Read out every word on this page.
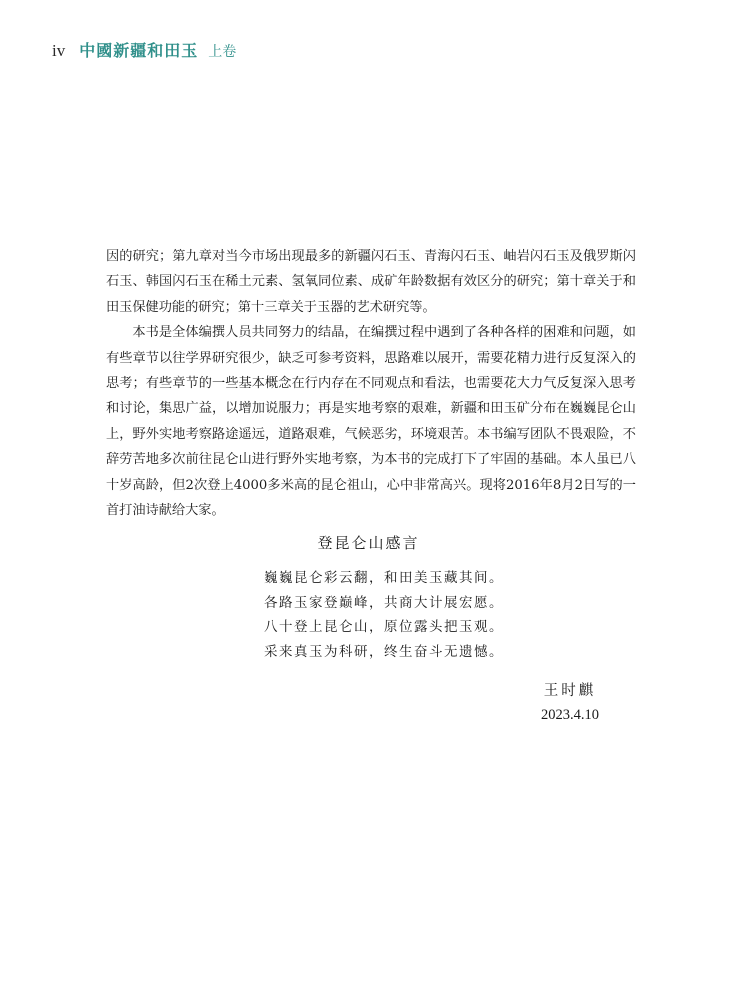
iv 中國新疆和田玉 上卷

因的研究；第九章对当今市场出现最多的新疆闪石玉、青海闪石玉、岫岩闪石玉及俄罗斯闪石玉、韩国闪石玉在稀土元素、氢氧同位素、成矿年龄数据有效区分的研究；第十章关于和田玉保健功能的研究；第十三章关于玉器的艺术研究等。

本书是全体编撰人员共同努力的结晶，在编撰过程中遇到了各种各样的困难和问题，如有些章节以往学界研究很少，缺乏可参考资料，思路难以展开，需要花精力进行反复深入的思考；有些章节的一些基本概念在行内存在不同观点和看法，也需要花大力气反复深入思考和讨论，集思广益，以增加说服力；再是实地考察的艰难，新疆和田玉矿分布在巍巍昆仑山上，野外实地考察路途遥远，道路艰难，气候恶劣，环境艰苦。本书编写团队不畏艰险，不辞劳苦地多次前往昆仑山进行野外实地考察，为本书的完成打下了牢固的基础。本人虽已八十岁高龄，但2次登上4000多米高的昆仑祖山，心中非常高兴。现将2016年8月2日写的一首打油诗献给大家。

登昆仑山感言
巍巍昆仑彩云翻，和田美玉藏其间。
各路玉家登巅峰，共商大计展宏愿。
八十登上昆仑山，原位露头把玉观。
采来真玉为科研，终生奋斗无遗憾。
王时麒
2023.4.10
